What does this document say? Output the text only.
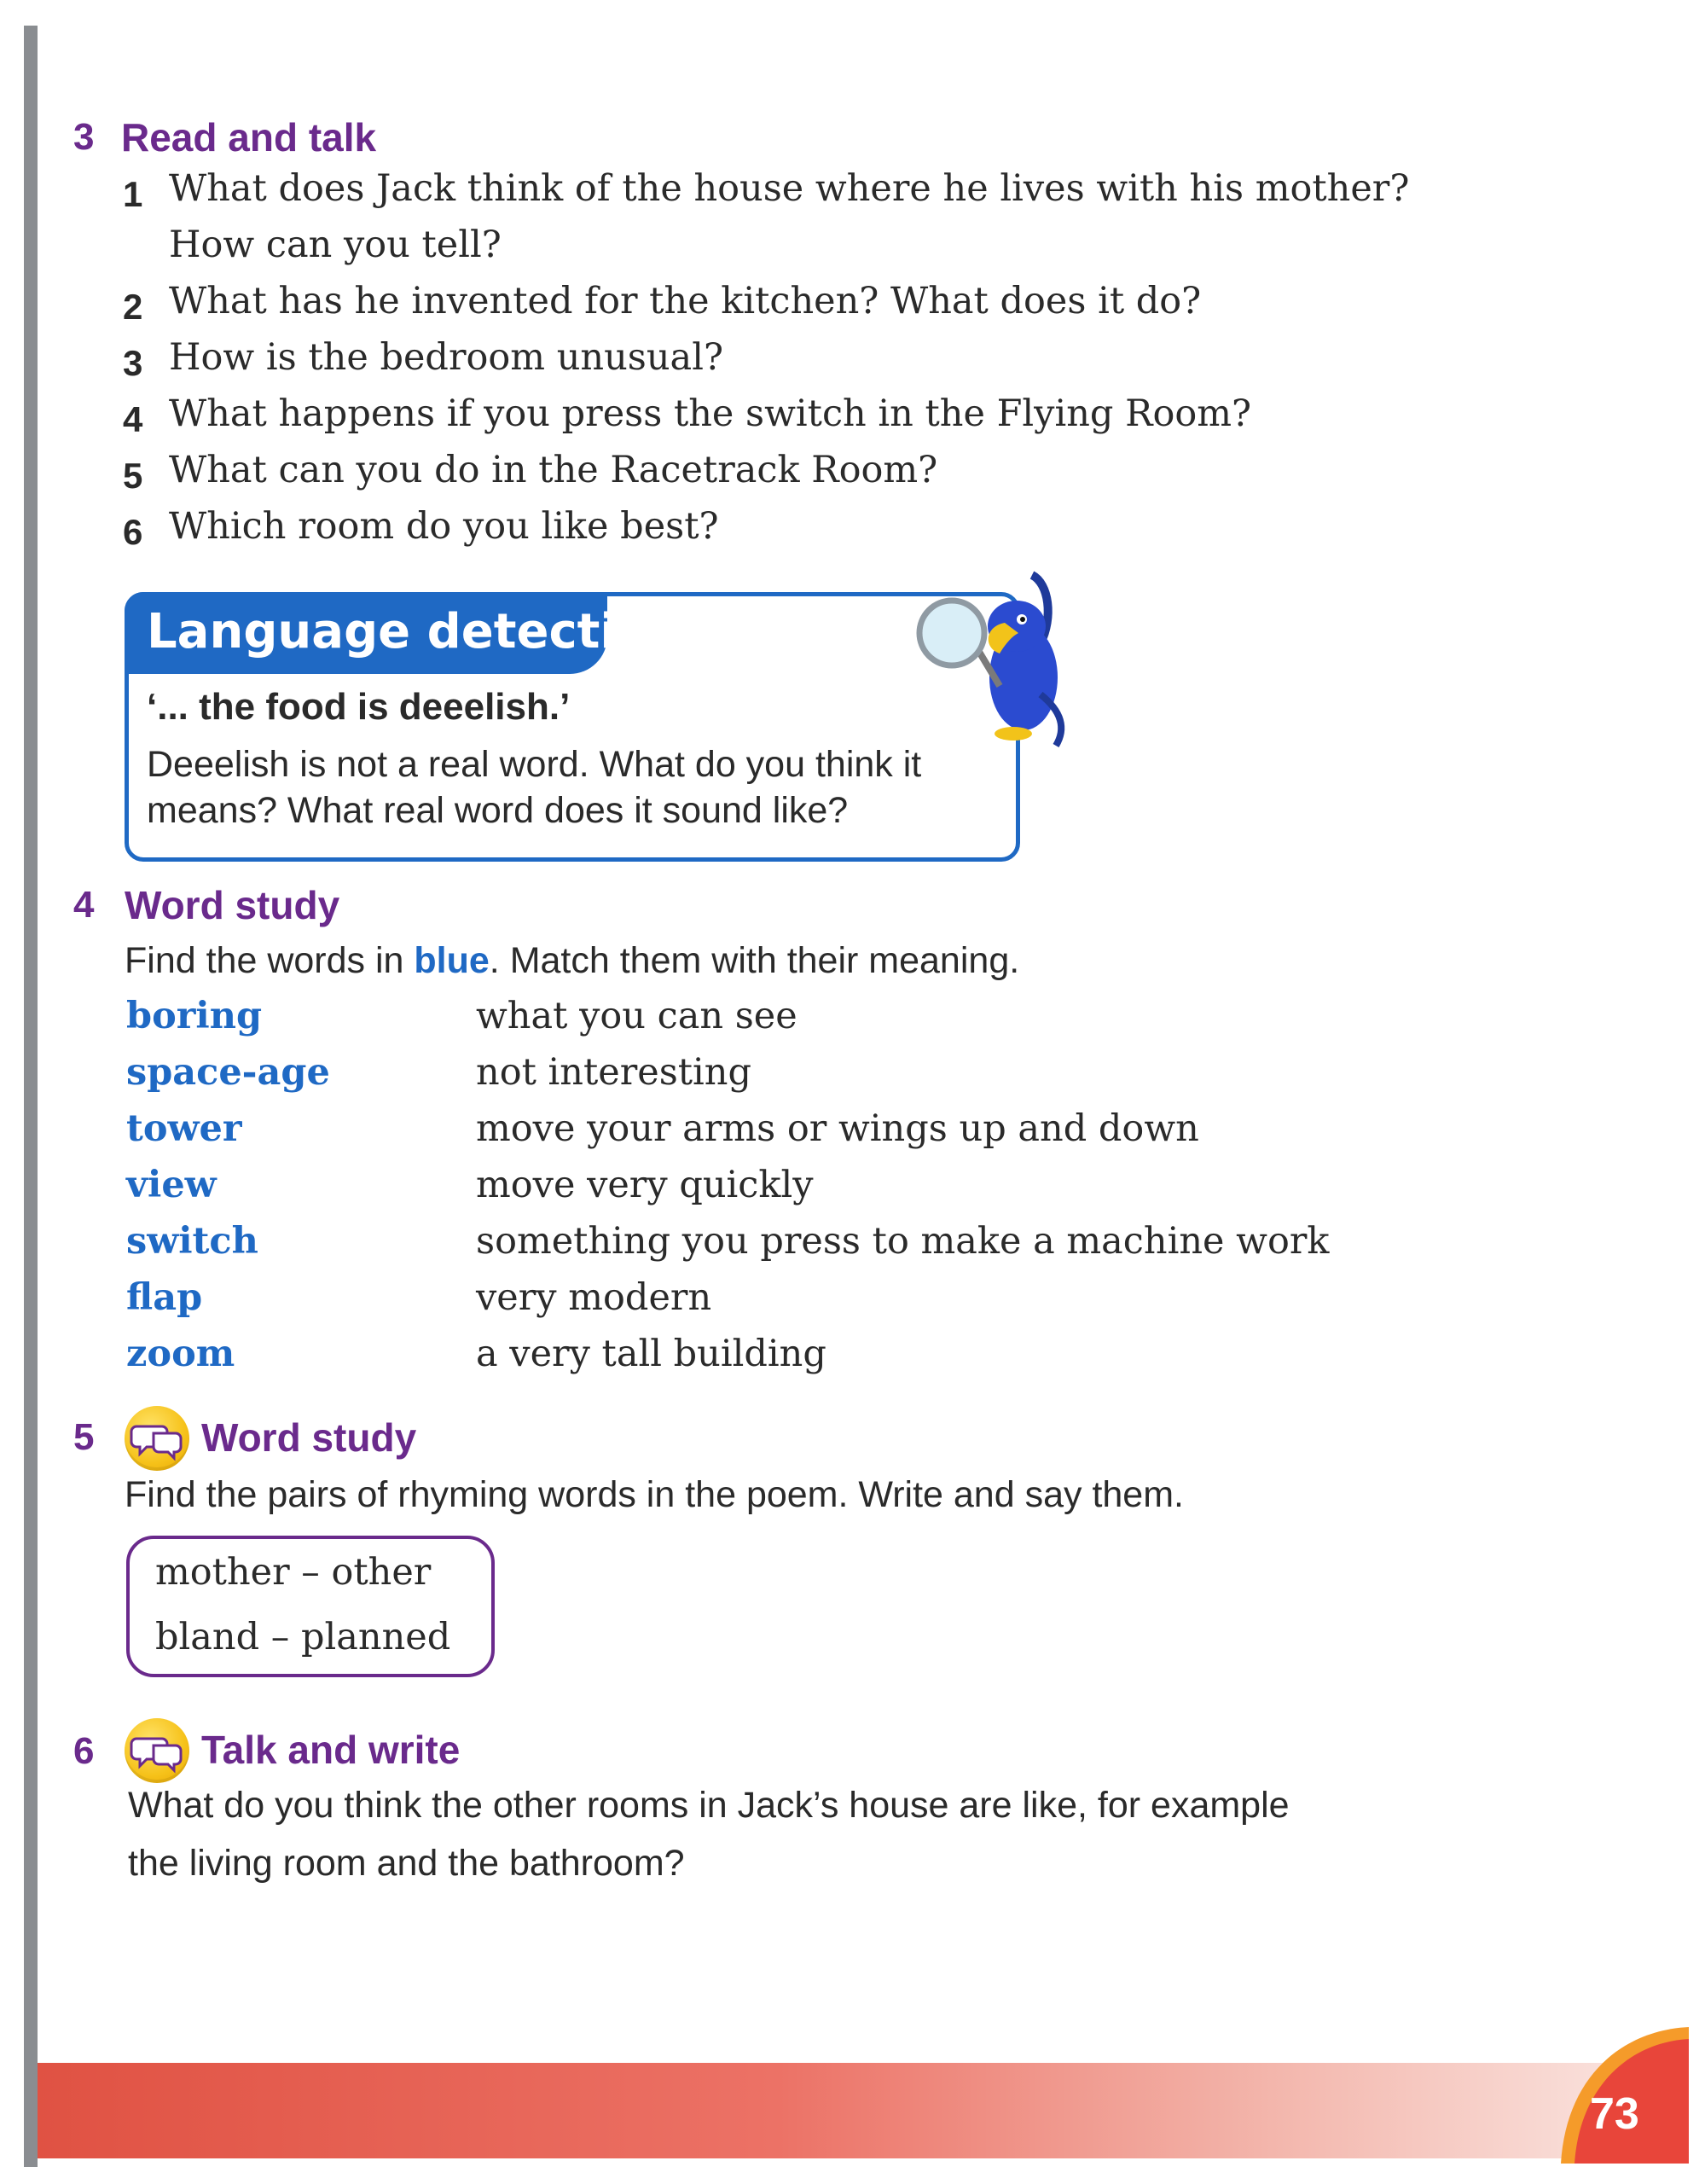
3 Read and talk
1 What does Jack think of the house where he lives with his mother?
How can you tell?
2 What has he invented for the kitchen? What does it do?
3 How is the bedroom unusual?
4 What happens if you press the switch in the Flying Room?
5 What can you do in the Racetrack Room?
6 Which room do you like best?
Language detective
‘... the food is deeelish.’
Deeelish is not a real word. What do you think it
means? What real word does it sound like?
4 Word study
Find the words in blue. Match them with their meaning.
boring
space-age
tower
view
switch
flap
zoom
what you can see
not interesting
move your arms or wings up and down
move very quickly
something you press to make a machine work
very modern
a very tall building
5	Word study
Find the pairs of rhyming words in the poem. Write and say them.
mother – other
bland – planned
6	Talk and write
What do you think the other rooms in Jack’s house are like, for example
the living room and the bathroom?
73
